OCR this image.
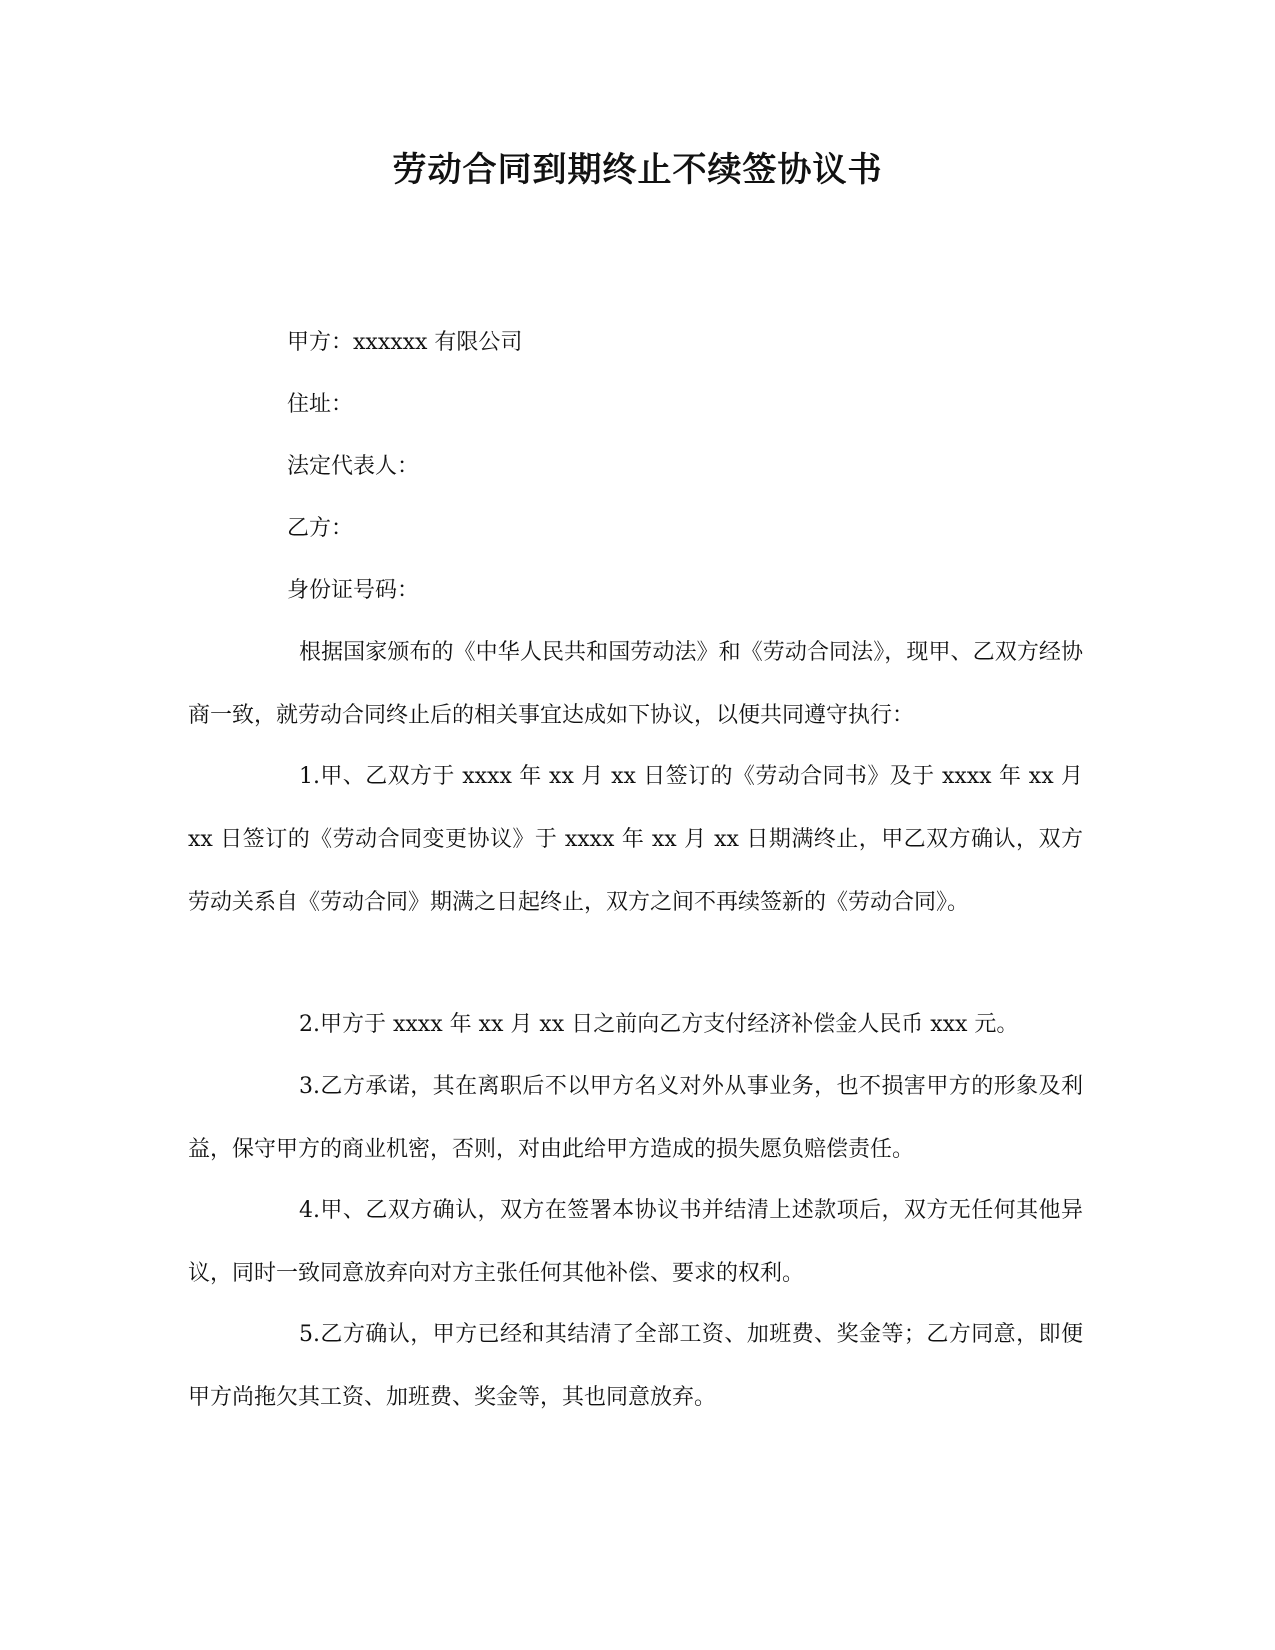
劳动合同到期终止不续签协议书
甲方：xxxxxx 有限公司
住址：
法定代表人：
乙方：
身份证号码：

根据国家颁布的《中华人民共和国劳动法》和《劳动合同法》，现甲、乙双方经协商一致，就劳动合同终止后的相关事宜达成如下协议，以便共同遵守执行：

1.甲、乙双方于 xxxx 年 xx 月 xx 日签订的《劳动合同书》及于 xxxx 年 xx 月 xx 日签订的《劳动合同变更协议》于 xxxx 年 xx 月 xx 日期满终止，甲乙双方确认，双方劳动关系自《劳动合同》期满之日起终止，双方之间不再续签新的《劳动合同》。

2.甲方于 xxxx 年 xx 月 xx 日之前向乙方支付经济补偿金人民币 xxx 元。

3.乙方承诺，其在离职后不以甲方名义对外从事业务，也不损害甲方的形象及利益，保守甲方的商业机密，否则，对由此给甲方造成的损失愿负赔偿责任。

4.甲、乙双方确认，双方在签署本协议书并结清上述款项后，双方无任何其他异议，同时一致同意放弃向对方主张任何其他补偿、要求的权利。

5.乙方确认，甲方已经和其结清了全部工资、加班费、奖金等；乙方同意，即便甲方尚拖欠其工资、加班费、奖金等，其也同意放弃。
